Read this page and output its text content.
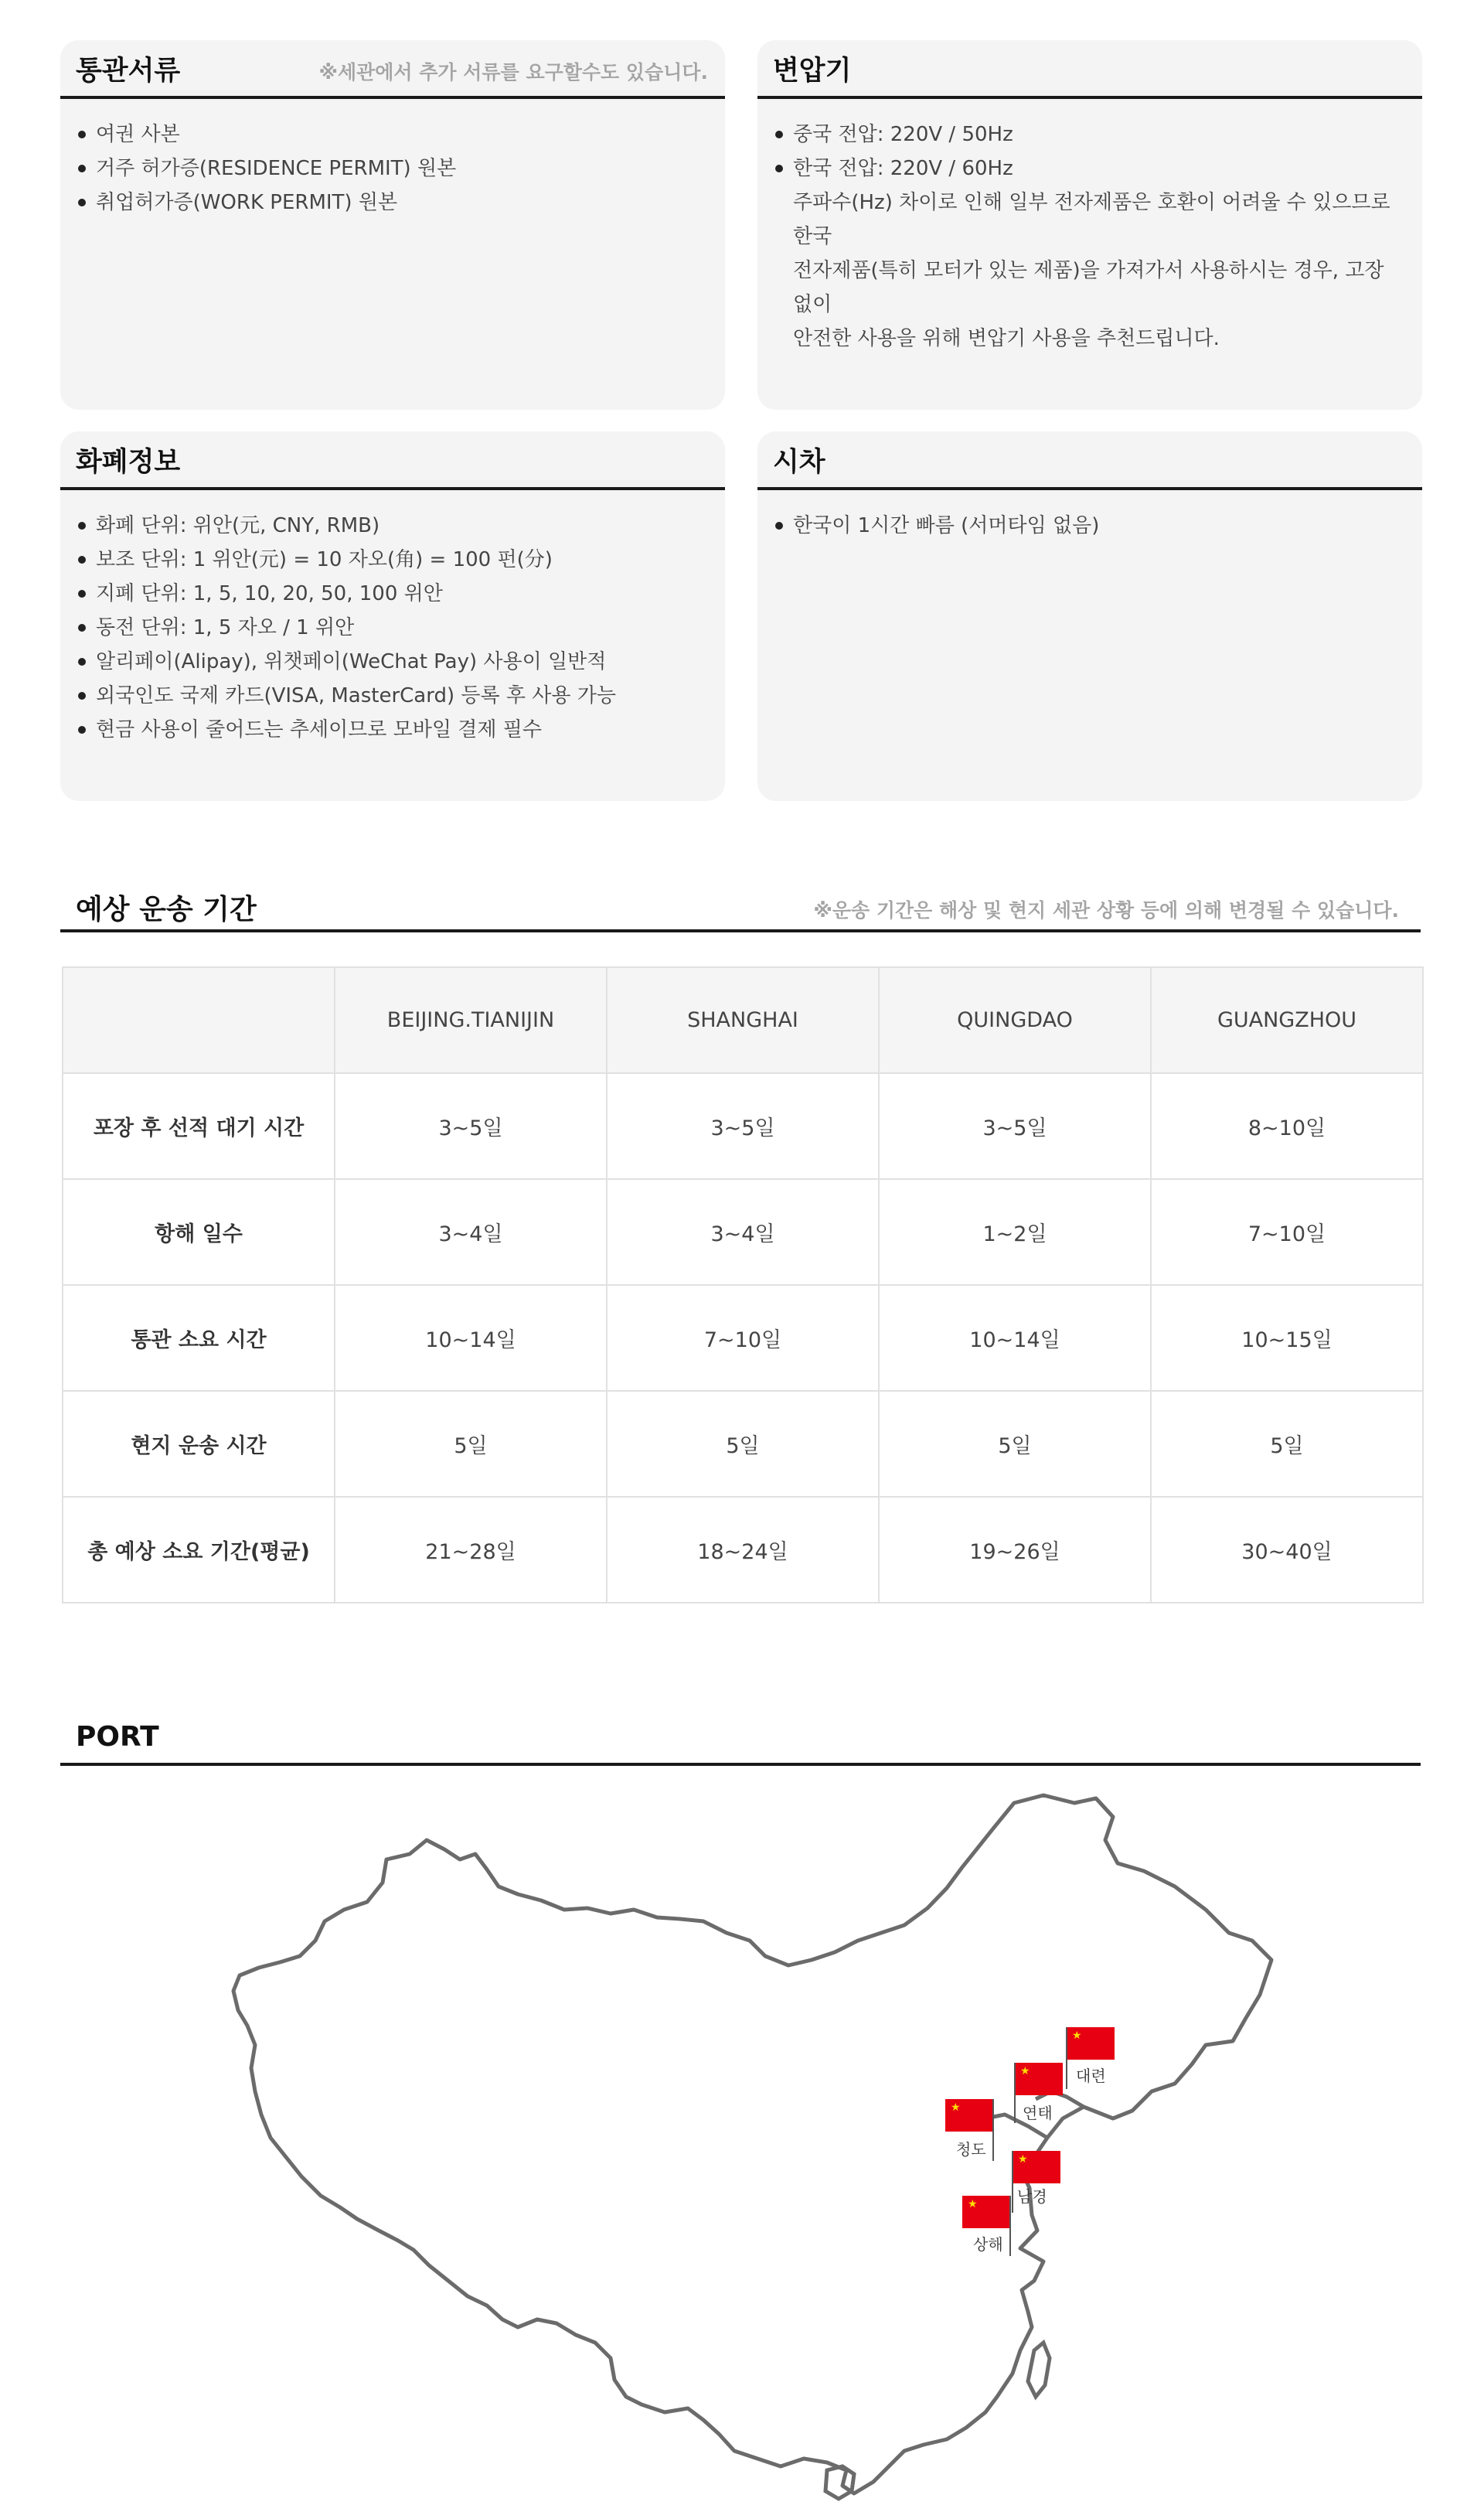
통관서류	※세관에서 추가 서류를 요구할수도 있습니다.
여권 사본
거주 허가증(RESIDENCE PERMIT) 원본
취업허가증(WORK PERMIT) 원본
변압기
중국 전압: 220V / 50Hz
한국 전압: 220V / 60Hz
주파수(Hz) 차이로 인해 일부 전자제품은 호환이 어려울 수 있으므로 한국
전자제품(특히 모터가 있는 제품)을 가져가서 사용하시는 경우, 고장 없이
안전한 사용을 위해 변압기 사용을 추천드립니다.
화폐정보
화폐 단위: 위안(元, CNY, RMB)
보조 단위: 1 위안(元) = 10 자오(角) = 100 펀(分)
지폐 단위: 1, 5, 10, 20, 50, 100 위안
동전 단위: 1, 5 자오 / 1 위안
알리페이(Alipay), 위챗페이(WeChat Pay) 사용이 일반적
외국인도 국제 카드(VISA, MasterCard) 등록 후 사용 가능
현금 사용이 줄어드는 추세이므로 모바일 결제 필수
시차
한국이 1시간 빠름 (서머타임 없음)
예상 운송 기간	※운송 기간은 해상 및 현지 세관 상황 등에 의해 변경될 수 있습니다.
	BEIJING.TIANIJIN	SHANGHAI	QUINGDAO	GUANGZHOU
포장 후 선적 대기 시간	3~5일	3~5일	3~5일	8~10일
항해 일수	3~4일	3~4일	1~2일	7~10일
통관 소요 시간	10~14일	7~10일	10~14일	10~15일
현지 운송 시간	5일	5일	5일	5일
총 예상 소요 기간(평균)	21~28일	18~24일	19~26일	30~40일
PORT
★
대련
★
연태
★
청도
★
남경
★
상해
